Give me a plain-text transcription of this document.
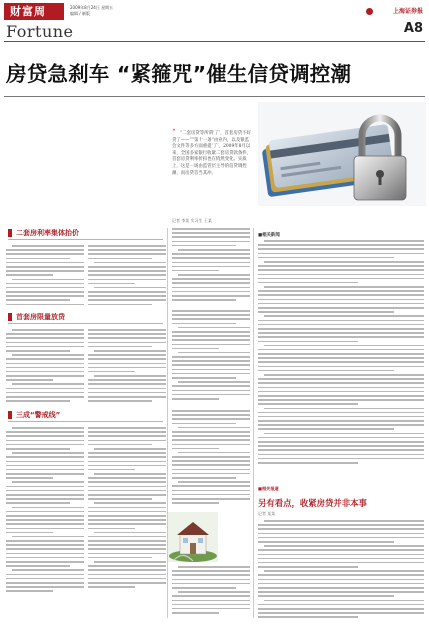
财富周	2009年8月24日 星期五
编辑 / 制版
Fortune
上海证券报
A8
房贷急刹车 “紧箍咒”催生信贷调控潮
“	“二套房贷等所谓‘了’，首套房贷不好贷了——”“第十一条”由业内，以及银监会文件等多方面重提‘了’，2009年8月以来，全国多家银行收紧二套房贷款条件，首套房贷利率折扣也在悄然变化。实质上，这是一场由监管层主导的信贷调控潮，而房贷首当其冲。
记者 李某 实习生 王某
二套房利率集体抬价
首套房限量放贷
三成“警戒线”
■相关新闻
■相关报道
另有看点，收紧房贷并非本事
记者 某某
